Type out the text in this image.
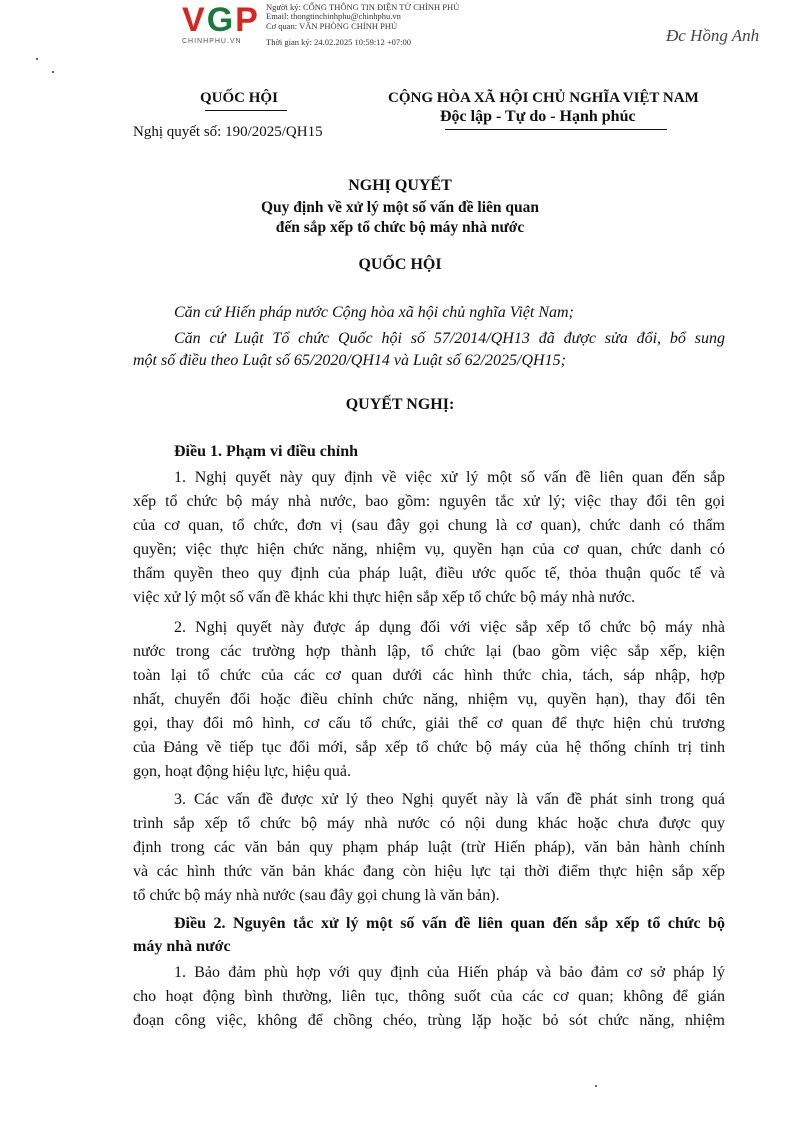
VGP
CHINHPHU.VN
Người ký: CỔNG THÔNG TIN ĐIỆN TỬ CHÍNH PHỦ
Email: thongtinchinhphu@chinhphu.vn
Cơ quan: VĂN PHÒNG CHÍNH PHỦ
Thời gian ký: 24.02.2025 10:59:12 +07:00	Đc Hồng Anh
QUỐC HỘI
Nghị quyết số: 190/2025/QH15
CỘNG HÒA XÃ HỘI CHỦ NGHĨA VIỆT NAM
Độc lập - Tự do - Hạnh phúc
NGHỊ QUYẾT
Quy định về xử lý một số vấn đề liên quan
đến sắp xếp tổ chức bộ máy nhà nước
QUỐC HỘI
Căn cứ Hiến pháp nước Cộng hòa xã hội chủ nghĩa Việt Nam;
Căn cứ Luật Tổ chức Quốc hội số 57/2014/QH13 đã được sửa đổi, bổ sung
một số điều theo Luật số 65/2020/QH14 và Luật số 62/2025/QH15;
QUYẾT NGHỊ:
Điều 1. Phạm vi điều chỉnh
1. Nghị quyết này quy định về việc xử lý một số vấn đề liên quan đến sắp
xếp tổ chức bộ máy nhà nước, bao gồm: nguyên tắc xử lý; việc thay đổi tên gọi
của cơ quan, tổ chức, đơn vị (sau đây gọi chung là cơ quan), chức danh có thẩm
quyền; việc thực hiện chức năng, nhiệm vụ, quyền hạn của cơ quan, chức danh có
thẩm quyền theo quy định của pháp luật, điều ước quốc tế, thỏa thuận quốc tế và
việc xử lý một số vấn đề khác khi thực hiện sắp xếp tổ chức bộ máy nhà nước.
2. Nghị quyết này được áp dụng đối với việc sắp xếp tổ chức bộ máy nhà
nước trong các trường hợp thành lập, tổ chức lại (bao gồm việc sắp xếp, kiện
toàn lại tổ chức của các cơ quan dưới các hình thức chia, tách, sáp nhập, hợp
nhất, chuyển đổi hoặc điều chỉnh chức năng, nhiệm vụ, quyền hạn), thay đổi tên
gọi, thay đổi mô hình, cơ cấu tổ chức, giải thể cơ quan để thực hiện chủ trương
của Đảng về tiếp tục đổi mới, sắp xếp tổ chức bộ máy của hệ thống chính trị tinh
gọn, hoạt động hiệu lực, hiệu quả.
3. Các vấn đề được xử lý theo Nghị quyết này là vấn đề phát sinh trong quá
trình sắp xếp tổ chức bộ máy nhà nước có nội dung khác hoặc chưa được quy
định trong các văn bản quy phạm pháp luật (trừ Hiến pháp), văn bản hành chính
và các hình thức văn bản khác đang còn hiệu lực tại thời điểm thực hiện sắp xếp
tổ chức bộ máy nhà nước (sau đây gọi chung là văn bản).
Điều 2. Nguyên tắc xử lý một số vấn đề liên quan đến sắp xếp tổ chức bộ
máy nhà nước
1. Bảo đảm phù hợp với quy định của Hiến pháp và bảo đảm cơ sở pháp lý
cho hoạt động bình thường, liên tục, thông suốt của các cơ quan; không để gián
đoạn công việc, không để chồng chéo, trùng lặp hoặc bỏ sót chức năng, nhiệm
